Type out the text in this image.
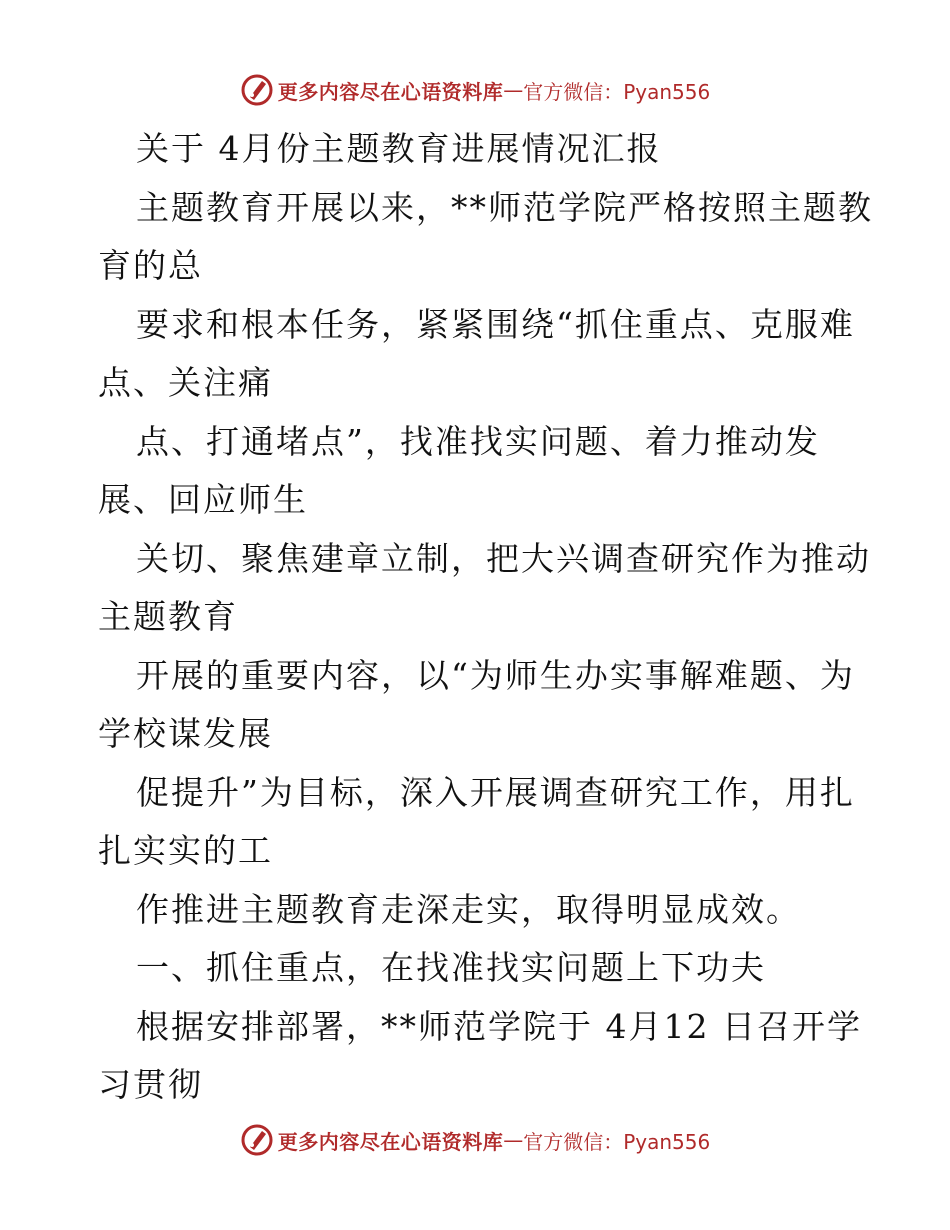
更多内容尽在心语资料库 — 官方微信：Pyan556
关于 4月份主题教育进展情况汇报
主题教育开展以来，**师范学院严格按照主题教
育的总
要求和根本任务，紧紧围绕“抓住重点、克服难
点、关注痛
点、打通堵点”，找准找实问题、着力推动发
展、回应师生
关切、聚焦建章立制，把大兴调查研究作为推动
主题教育
开展的重要内容，以“为师生办实事解难题、为
学校谋发展
促提升”为目标，深入开展调查研究工作，用扎
扎实实的工
作推进主题教育走深走实，取得明显成效。
一、抓住重点，在找准找实问题上下功夫
根据安排部署，**师范学院于 4月12 日召开学
习贯彻
更多内容尽在心语资料库 — 官方微信：Pyan556
